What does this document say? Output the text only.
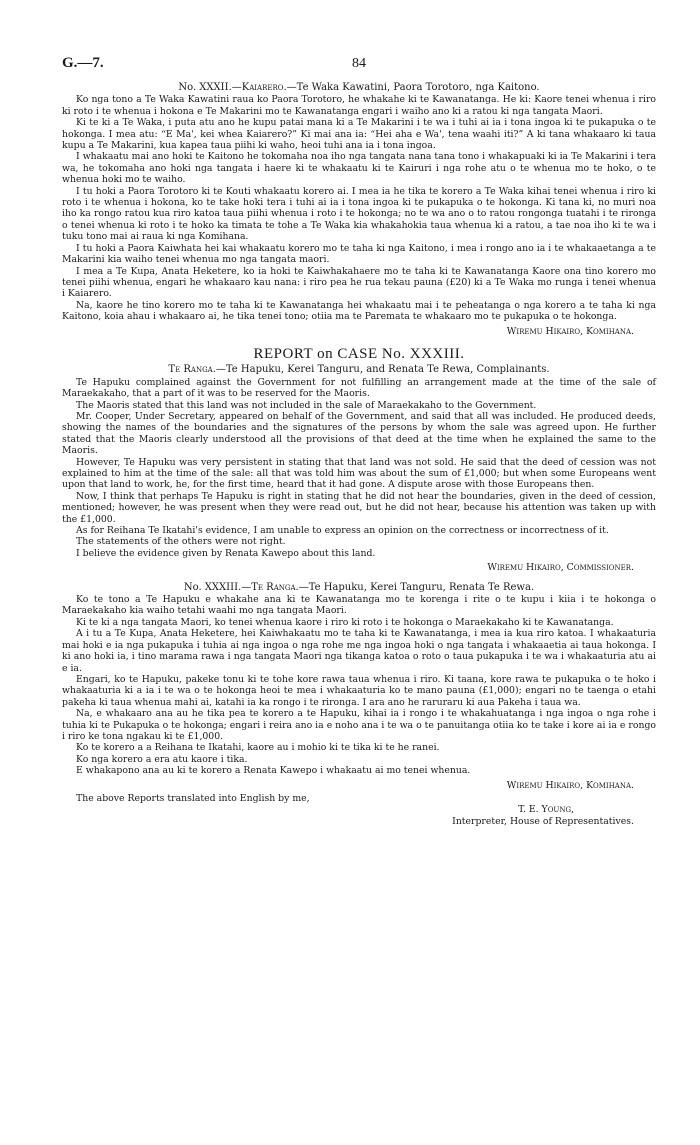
G.—7.	84
No. XXXII.—Kaiarero.—Te Waka Kawatini, Paora Torotoro, nga Kaitono.

Ko nga tono a Te Waka Kawatini raua ko Paora Torotoro, he whakahe ki te Kawanatanga. He ki: Kaore tenei whenua i riro ki roto i te whenua i hokona e Te Makarini mo te Kawanatanga engari i waiho ano ki a ratou ki nga tangata Maori.

Ki te ki a Te Waka, i puta atu ano he kupu patai mana ki a Te Makarini i te wa i tuhi ai ia i tona ingoa ki te pukapuka o te hokonga. I mea atu: “E Ma', kei whea Kaiarero?” Ki mai ana ia: “Hei aha e Wa', tena waahi iti?” A ki tana whakaaro ki taua kupu a Te Makarini, kua kapea taua piihi ki waho, heoi tuhi ana ia i tona ingoa.

I whakaatu mai ano hoki te Kaitono he tokomaha noa iho nga tangata nana tana tono i whakapuaki ki ia Te Makarini i tera wa, he tokomaha ano hoki nga tangata i haere ki te whakaatu ki te Kairuri i nga rohe atu o te whenua mo te hoko, o te whenua hoki mo te waiho.

I tu hoki a Paora Torotoro ki te Kouti whakaatu korero ai. I mea ia he tika te korero a Te Waka kihai tenei whenua i riro ki roto i te whenua i hokona, ko te take hoki tera i tuhi ai ia i tona ingoa ki te pukapuka o te hokonga. Ki tana ki, no muri noa iho ka rongo ratou kua riro katoa taua piihi whenua i roto i te hokonga; no te wa ano o to ratou rongonga tuatahi i te rironga o tenei whenua ki roto i te hoko ka timata te tohe a Te Waka kia whakahokia taua whenua ki a ratou, a tae noa iho ki te wa i tuku tono mai ai raua ki nga Komihana.

I tu hoki a Paora Kaiwhata hei kai whakaatu korero mo te taha ki nga Kaitono, i mea i rongo ano ia i te whakaaetanga a te Makarini kia waiho tenei whenua mo nga tangata maori.

I mea a Te Kupa, Anata Heketere, ko ia hoki te Kaiwhakahaere mo te taha ki te Kawanatanga Kaore ona tino korero mo tenei piihi whenua, engari he whakaaro kau nana: i riro pea he rua tekau pauna (£20) ki a Te Waka mo runga i tenei whenua i Kaiarero.

Na, kaore he tino korero mo te taha ki te Kawanatanga hei whakaatu mai i te peheatanga o nga korero a te taha ki nga Kaitono, koia ahau i whakaaro ai, he tika tenei tono; otiia ma te Paremata te whakaaro mo te pukapuka o te hokonga.

Wiremu Hikairo, Komihana.
REPORT on CASE No. XXXIII.
Te Ranga.—Te Hapuku, Kerei Tanguru, and Renata Te Rewa, Complainants.

Te Hapuku complained against the Government for not fulfilling an arrangement made at the time of the sale of Maraekakaho, that a part of it was to be reserved for the Maoris.

The Maoris stated that this land was not included in the sale of Maraekakaho to the Government.

Mr. Cooper, Under Secretary, appeared on behalf of the Government, and said that all was included. He produced deeds, showing the names of the boundaries and the signatures of the persons by whom the sale was agreed upon. He further stated that the Maoris clearly understood all the provisions of that deed at the time when he explained the same to the Maoris.

However, Te Hapuku was very persistent in stating that that land was not sold. He said that the deed of cession was not explained to him at the time of the sale: all that was told him was about the sum of £1,000; but when some Europeans went upon that land to work, he, for the first time, heard that it had gone. A dispute arose with those Europeans then.

Now, I think that perhaps Te Hapuku is right in stating that he did not hear the boundaries, given in the deed of cession, mentioned; however, he was present when they were read out, but he did not hear, because his attention was taken up with the £1,000.

As for Reihana Te Ikatahi's evidence, I am unable to express an opinion on the correctness or incorrectness of it.

The statements of the others were not right.

I believe the evidence given by Renata Kawepo about this land.

Wiremu Hikairo, Commissioner.
No. XXXIII.—Te Ranga.—Te Hapuku, Kerei Tanguru, Renata Te Rewa.

Ko te tono a Te Hapuku e whakahe ana ki te Kawanatanga mo te korenga i rite o te kupu i kiia i te hokonga o Maraekakaho kia waiho tetahi waahi mo nga tangata Maori.

Ki te ki a nga tangata Maori, ko tenei whenua kaore i riro ki roto i te hokonga o Maraekakaho ki te Kawanatanga.

A i tu a Te Kupa, Anata Heketere, hei Kaiwhakaatu mo te taha ki te Kawanatanga, i mea ia kua riro katoa. I whakaaturia mai hoki e ia nga pukapuka i tuhia ai nga ingoa o nga rohe me nga ingoa hoki o nga tangata i whakaaetia ai taua hokonga. I ki ano hoki ia, i tino marama rawa i nga tangata Maori nga tikanga katoa o roto o taua pukapuka i te wa i whakaaturia atu ai e ia.

Engari, ko te Hapuku, pakeke tonu ki te tohe kore rawa taua whenua i riro. Ki taana, kore rawa te pukapuka o te hoko i whakaaturia ki a ia i te wa o te hokonga heoi te mea i whakaaturia ko te mano pauna (£1,000); engari no te taenga o etahi pakeha ki taua whenua mahi ai, katahi ia ka rongo i te rironga. I ara ano he raruraru ki aua Pakeha i taua wa.

Na, e whakaaro ana au he tika pea te korero a te Hapuku, kihai ia i rongo i te whakahuatanga i nga ingoa o nga rohe i tuhia ki te Pukapuka o te hokonga; engari i reira ano ia e noho ana i te wa o te panuitanga otiia ko te take i kore ai ia e rongo i riro ke tona ngakau ki te £1,000.

Ko te korero a a Reihana te Ikatahi, kaore au i mohio ki te tika ki te he ranei.

Ko nga korero a era atu kaore i tika.

E whakapono ana au ki te korero a Renata Kawepo i whakaatu ai mo tenei whenua.

Wiremu Hikairo, Komihana.
The above Reports translated into English by me,
T. E. Young,
Interpreter, House of Representatives.
